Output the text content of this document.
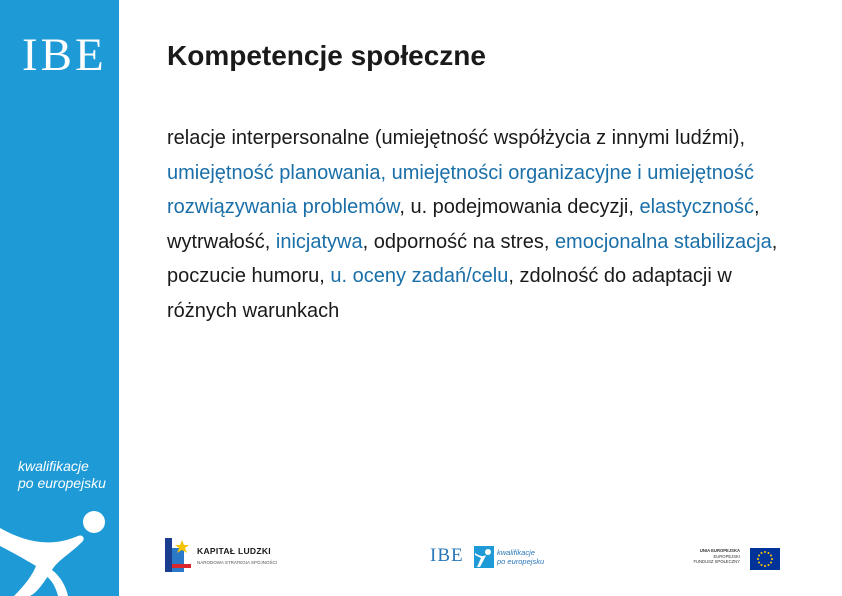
IBE
kwalifikacje
po europejsku
Kompetencje społeczne
relacje interpersonalne (umiejętność współżycia z innymi ludźmi), umiejętność planowania, umiejętności organizacyjne i umiejętność rozwiązywania problemów, u. podejmowania decyzji, elastyczność, wytrwałość, inicjatywa, odporność na stres, emocjonalna stabilizacja, poczucie humoru, u. oceny zadań/celu, zdolność do adaptacji w różnych warunkach
KAPITAŁ LUDZKI
NARODOWA STRATEGIA SPÓJNOŚCI	IBE	kwalifikacje
po europejsku
UNIA EUROPEJSKA
EUROPEJSKI
FUNDUSZ SPOŁECZNY
